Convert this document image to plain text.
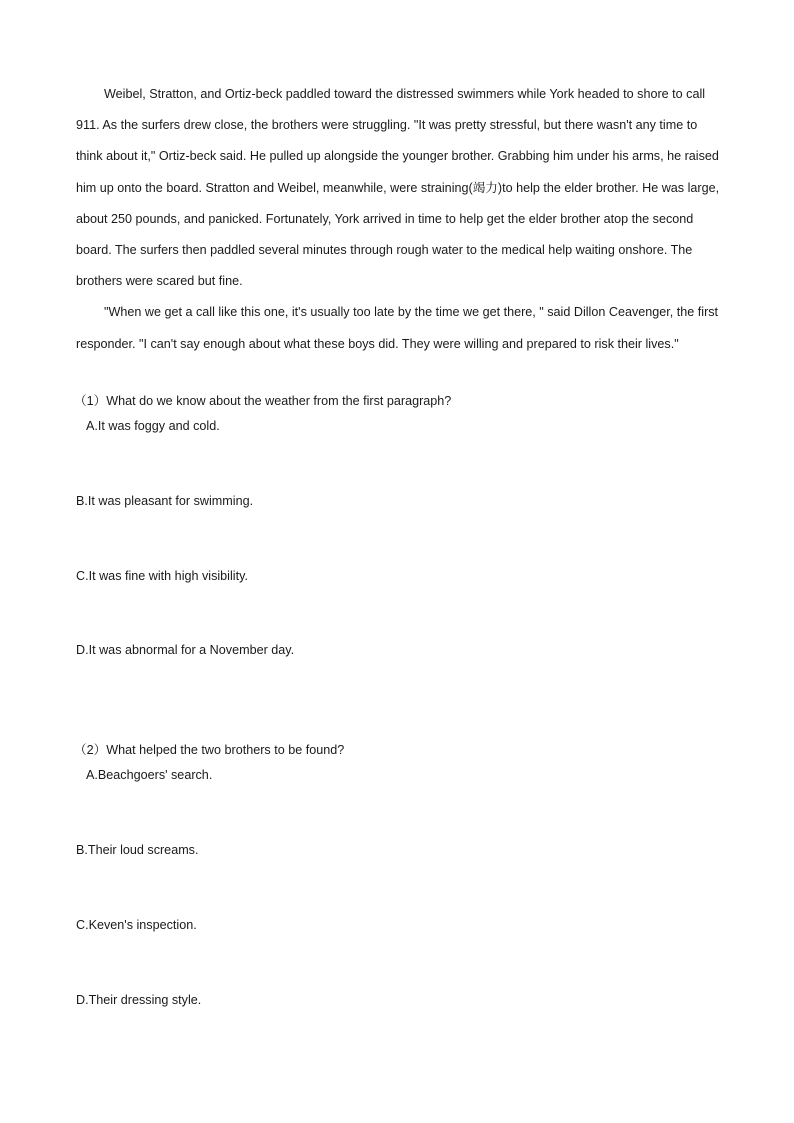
Weibel, Stratton, and Ortiz-beck paddled toward the distressed swimmers while York headed to shore to call 911. As the surfers drew close, the brothers were struggling. "It was pretty stressful, but there wasn't any time to think about it," Ortiz-beck said. He pulled up alongside the younger brother. Grabbing him under his arms, he raised him up onto the board. Stratton and Weibel, meanwhile, were straining(竭力)to help the elder brother. He was large, about 250 pounds, and panicked. Fortunately, York arrived in time to help get the elder brother atop the second board. The surfers then paddled several minutes through rough water to the medical help waiting onshore. The brothers were scared but fine.

"When we get a call like this one, it's usually too late by the time we get there, " said Dillon Ceavenger, the first responder. "I can't say enough about what these boys did. They were willing and prepared to risk their lives."

（1）What do we know about the weather from the first paragraph?
A.It was foggy and cold.
B.It was pleasant for swimming.
C.It was fine with high visibility.
D.It was abnormal for a November day.
（2）What helped the two brothers to be found?
A.Beachgoers' search.
B.Their loud screams.
C.Keven's inspection.
D.Their dressing style.
